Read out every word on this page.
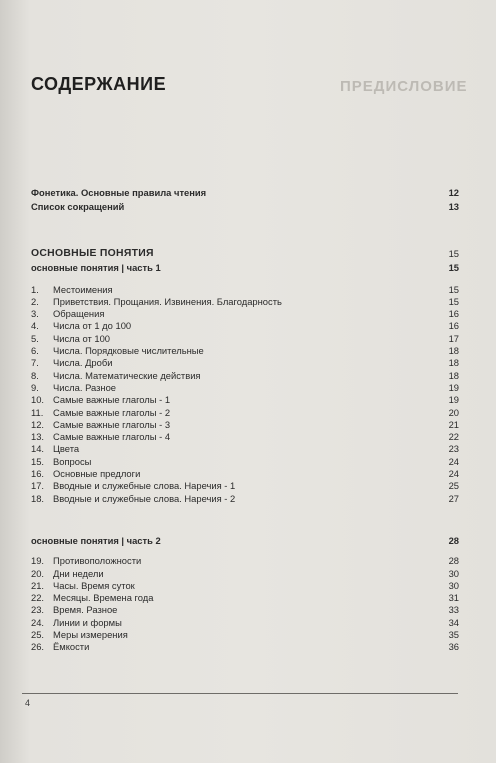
ПРЕДИСЛОВИЕ
СОДЕРЖАНИЕ
Фонетика. Основные правила чтения	12
Список сокращений	13
ОСНОВНЫЕ ПОНЯТИЯ	15
основные понятия | часть 1	15
1. Местоимения	15
2. Приветствия. Прощания. Извинения. Благодарность	15
3. Обращения	16
4. Числа от 1 до 100	16
5. Числа от 100	17
6. Числа. Порядковые числительные	18
7. Числа. Дроби	18
8. Числа. Математические действия	18
9. Числа. Разное	19
10. Самые важные глаголы - 1	19
11. Самые важные глаголы - 2	20
12. Самые важные глаголы - 3	21
13. Самые важные глаголы - 4	22
14. Цвета	23
15. Вопросы	24
16. Основные предлоги	24
17. Вводные и служебные слова. Наречия - 1	25
18. Вводные и служебные слова. Наречия - 2	27
основные понятия | часть 2	28
19. Противоположности	28
20. Дни недели	30
21. Часы. Время суток	30
22. Месяцы. Времена года	31
23. Время. Разное	33
24. Линии и формы	34
25. Меры измерения	35
26. Ёмкости	36
4
